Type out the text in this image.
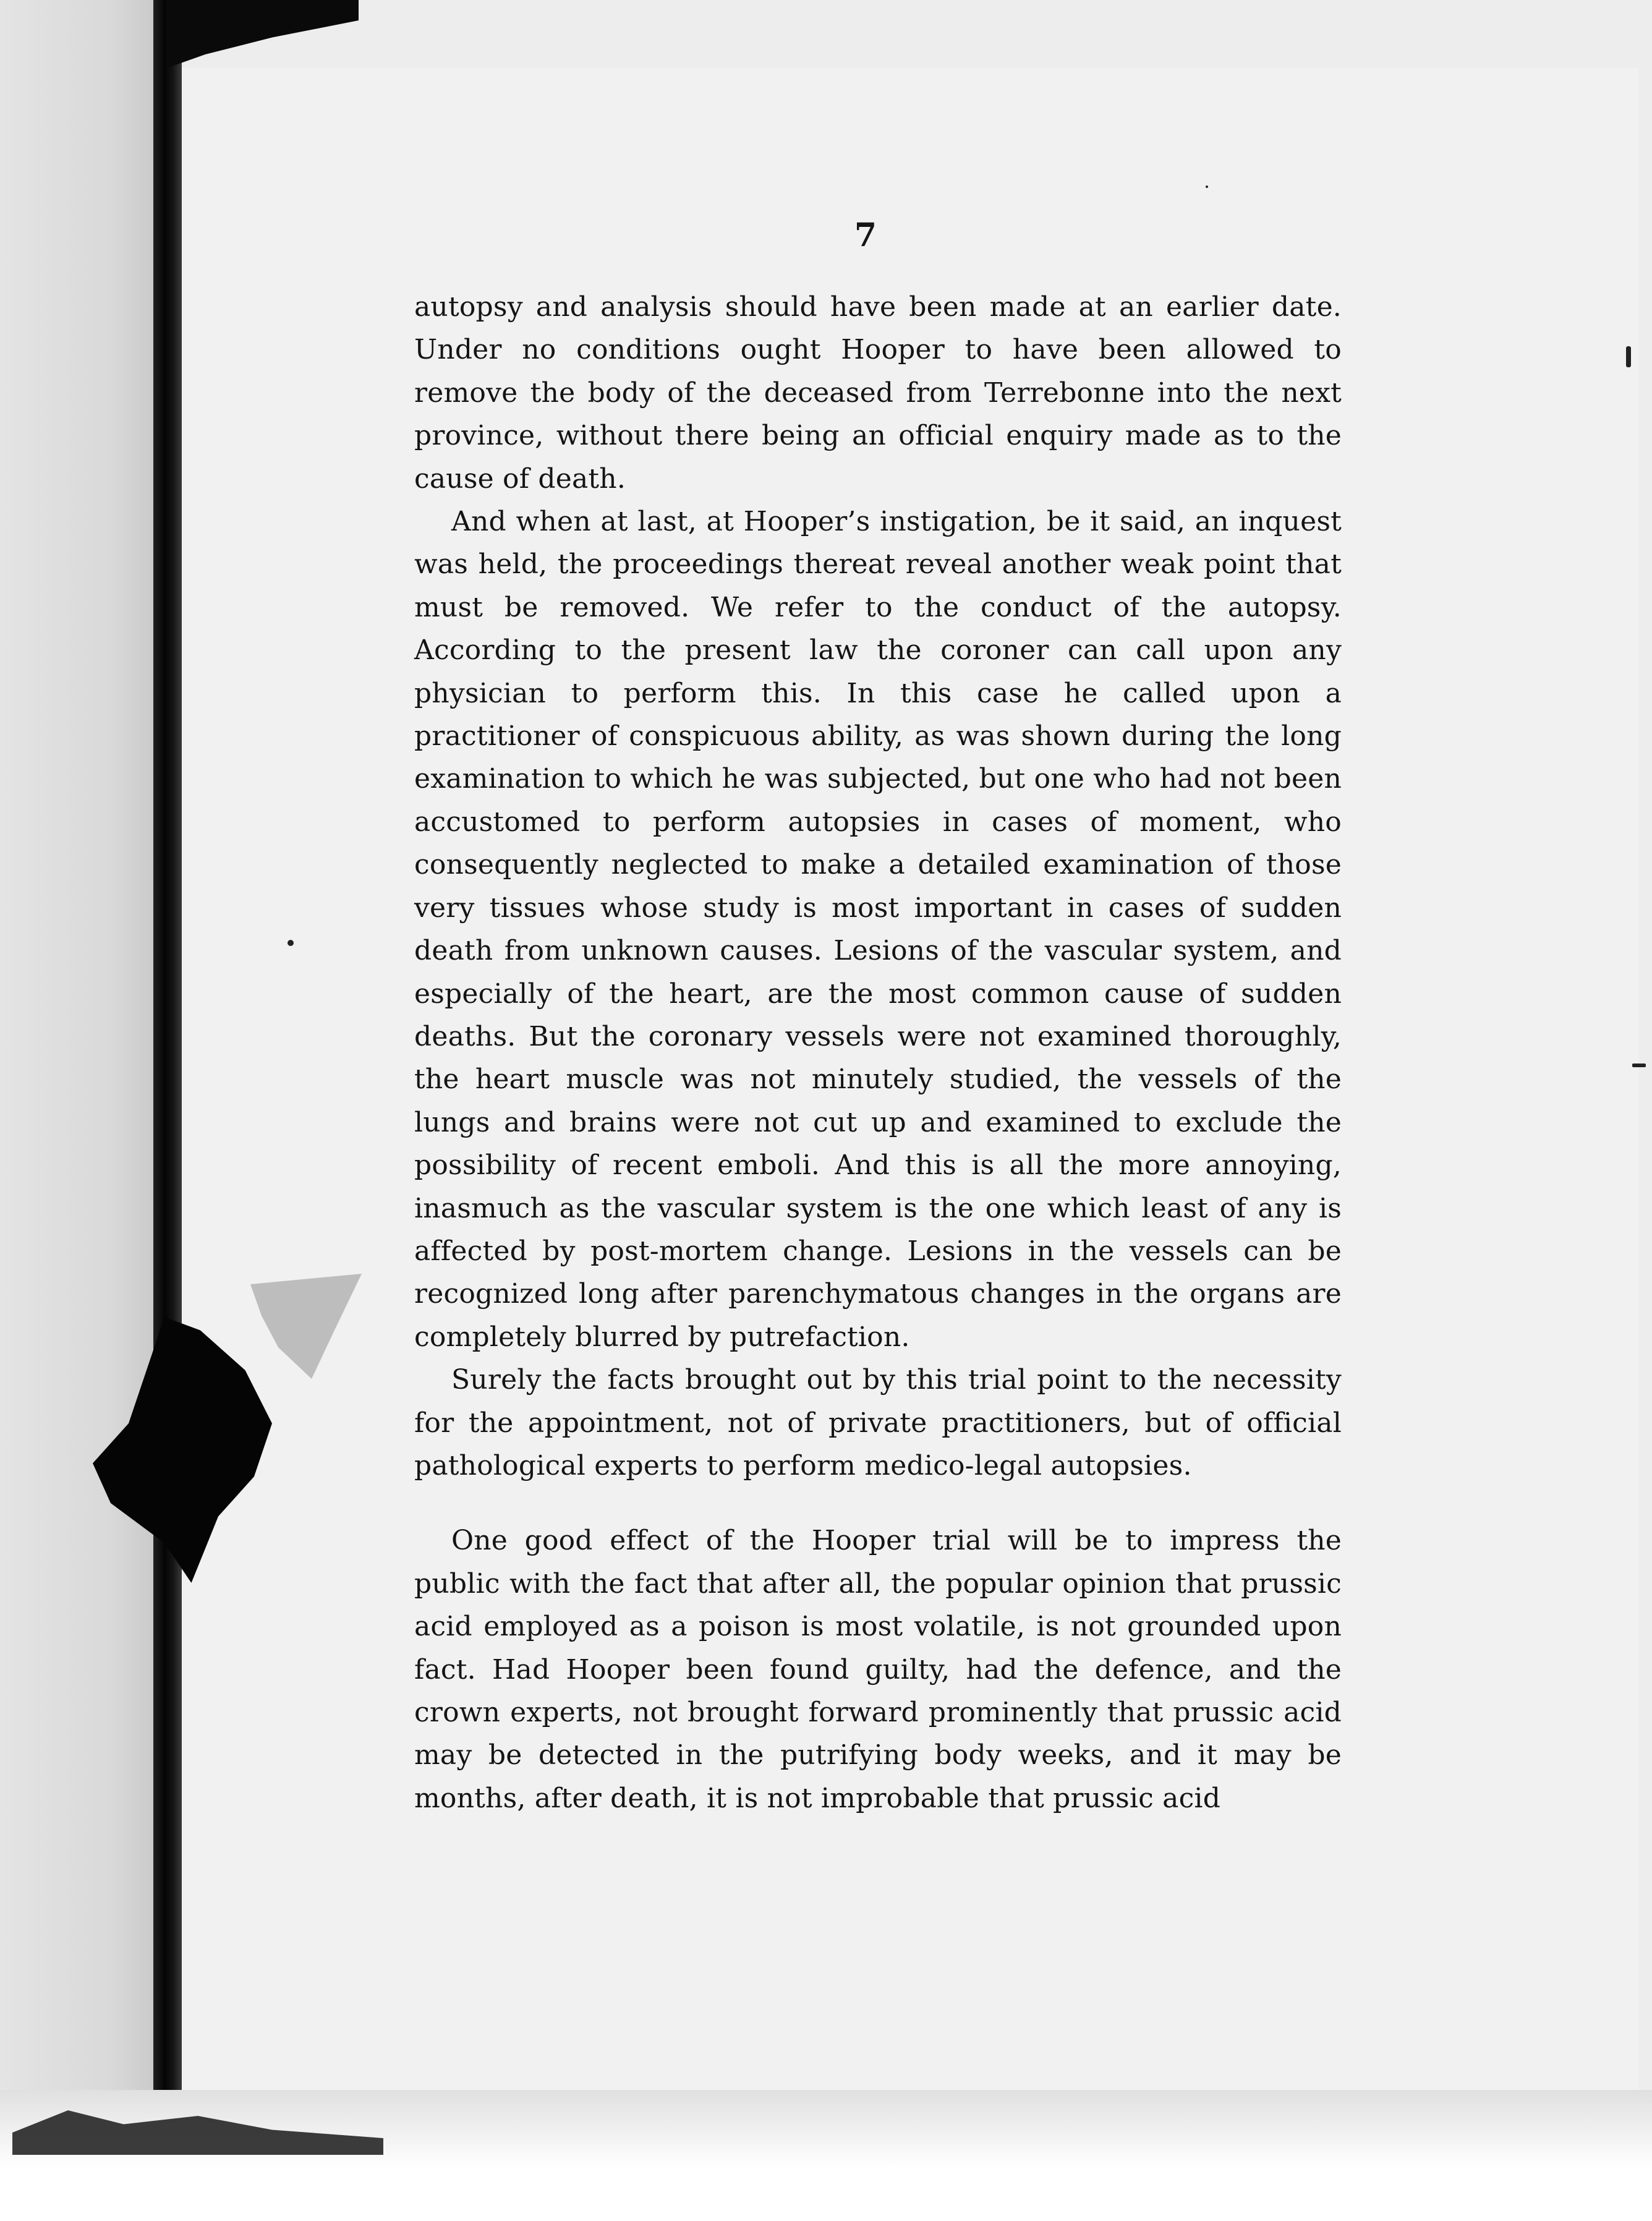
7

autopsy and analysis should have been made at an earlier date. Under no conditions ought Hooper to have been allowed to remove the body of the deceased from Terrebonne into the next province, without there being an official enquiry made as to the cause of death.

And when at last, at Hooper’s instigation, be it said, an inquest was held, the proceedings thereat reveal another weak point that must be removed. We refer to the conduct of the autopsy. According to the present law the coroner can call upon any physician to perform this. In this case he called upon a practitioner of conspicuous ability, as was shown during the long examination to which he was subjected, but one who had not been accustomed to perform autopsies in cases of moment, who consequently neglected to make a detailed examination of those very tissues whose study is most important in cases of sudden death from unknown causes. Lesions of the vascular system, and especially of the heart, are the most common cause of sudden deaths. But the coronary vessels were not examined thoroughly, the heart muscle was not minutely studied, the vessels of the lungs and brains were not cut up and examined to exclude the possibility of recent emboli. And this is all the more annoying, inasmuch as the vascular system is the one which least of any is affected by post-mortem change. Lesions in the vessels can be recognized long after parenchymatous changes in the organs are completely blurred by putrefaction.

Surely the facts brought out by this trial point to the necessity for the appointment, not of private practitioners, but of official pathological experts to perform medico-legal autopsies.

One good effect of the Hooper trial will be to impress the public with the fact that after all, the popular opinion that prussic acid employed as a poison is most volatile, is not grounded upon fact. Had Hooper been found guilty, had the defence, and the crown experts, not brought forward prominently that prussic acid may be detected in the putrifying body weeks, and it may be months, after death, it is not improbable that prussic acid
